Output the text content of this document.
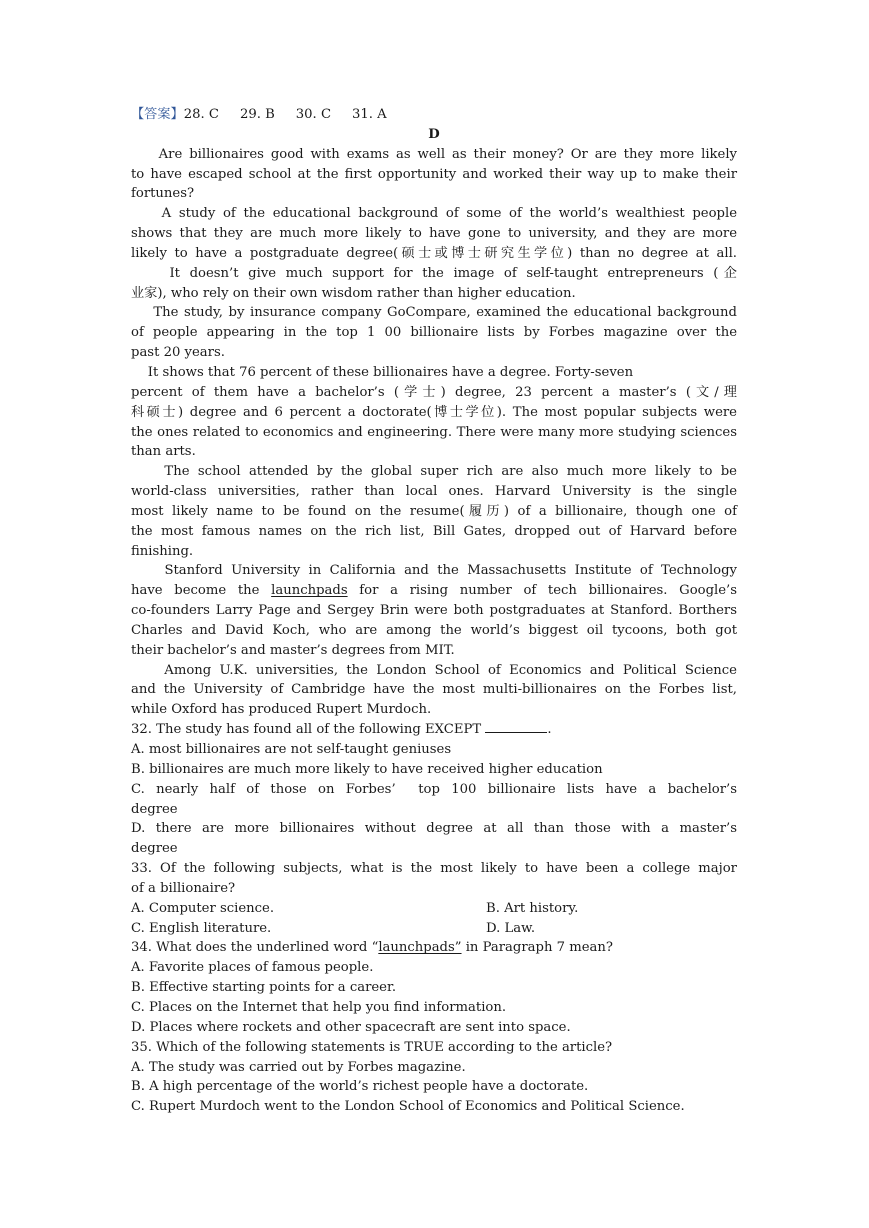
【答案】28. C     29. B     30. C     31. A
D
Are billionaires good with exams as well as their money? Or are they more likely
to have escaped school at the first opportunity and worked their way up to make their
fortunes?
A study of the educational background of some of the world’s wealthiest people
shows that they are much more likely to have gone to university, and they are more
likely to have a postgraduate degree(硕士或博士研究生学位) than no degree at all.
It doesn’t give much support for the image of self-taught entrepreneurs (企
业家), who rely on their own wisdom rather than higher education.
The study, by insurance company GoCompare, examined the educational background
of people appearing in the top 1 00 billionaire lists by Forbes magazine over the
past 20 years.
It shows that 76 percent of these billionaires have a degree. Forty-seven
percent of them have a bachelor’s (学士) degree, 23 percent a master’s (文/理
科硕士) degree and 6 percent a doctorate(博士学位). The most popular subjects were
the ones related to economics and engineering. There were many more studying sciences
than arts.
The school attended by the global super rich are also much more likely to be
world-class universities, rather than local ones. Harvard University is the single
most likely name to be found on the resume(履历) of a billionaire, though one of
the most famous names on the rich list, Bill Gates, dropped out of Harvard before
finishing.
Stanford University in California and the Massachusetts Institute of Technology
have become the launchpads for a rising number of tech billionaires. Google’s
co-founders Larry Page and Sergey Brin were both postgraduates at Stanford. Borthers
Charles and David Koch, who are among the world’s biggest oil tycoons, both got
their bachelor’s and master’s degrees from MIT.
Among U.K. universities, the London School of Economics and Political Science
and the University of Cambridge have the most multi-billionaires on the Forbes list,
while Oxford has produced Rupert Murdoch.
32. The study has found all of the following EXCEPT	.
A. most billionaires are not self-taught geniuses
B. billionaires are much more likely to have received higher education
C. nearly half of those on Forbes’  top 100 billionaire lists have a bachelor’s
degree
D. there are more billionaires without degree at all than those with a master’s
degree
33. Of the following subjects, what is the most likely to have been a college major
of a billionaire?
A. Computer science.	B. Art history.
C. English literature.	D. Law.
34. What does the underlined word “launchpads” in Paragraph 7 mean?
A. Favorite places of famous people.
B. Effective starting points for a career.
C. Places on the Internet that help you find information.
D. Places where rockets and other spacecraft are sent into space.
35. Which of the following statements is TRUE according to the article?
A. The study was carried out by Forbes magazine.
B. A high percentage of the world’s richest people have a doctorate.
C. Rupert Murdoch went to the London School of Economics and Political Science.
